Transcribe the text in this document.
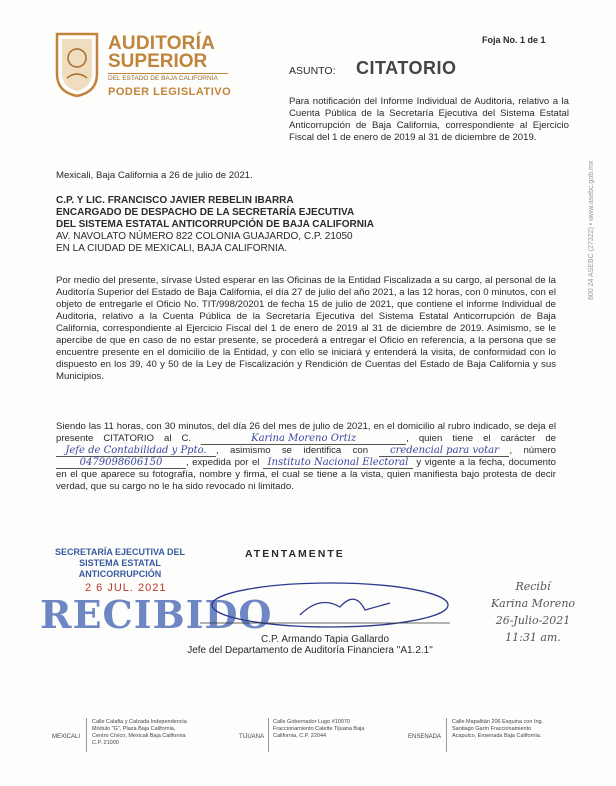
AUDITORÍA
SUPERIOR
DEL ESTADO DE BAJA CALIFORNIA
PODER LEGISLATIVO
Foja No. 1 de 1
ASUNTO: CITATORIO
Para notificación del Informe Individual de Auditoria, relativo a la Cuenta Pública de la Secretaría Ejecutiva del Sistema Estatal Anticorrupción de Baja California, correspondiente al Ejercicio Fiscal del 1 de enero de 2019 al 31 de diciembre de 2019.
Mexicali, Baja California a 26 de julio de 2021.
C.P. Y LIC. FRANCISCO JAVIER REBELIN IBARRA
ENCARGADO DE DESPACHO DE LA SECRETARÍA EJECUTIVA
DEL SISTEMA ESTATAL ANTICORRUPCIÓN DE BAJA CALIFORNIA
AV. NAVOLATO NÚMERO 822 COLONIA GUAJARDO, C.P. 21050
EN LA CIUDAD DE MEXICALI, BAJA CALIFORNIA.
Por medio del presente, sírvase Usted esperar en las Oficinas de la Entidad Fiscalizada a su cargo, al personal de la Auditoría Superior del Estado de Baja California, el día 27 de julio del año 2021, a las 12 horas, con 0 minutos, con el objeto de entregarle el Oficio No. TIT/998/20201 de fecha 15 de julio de 2021, que contiene el informe Individual de Auditoria, relativo a la Cuenta Pública de la Secretaría Ejecutiva del Sistema Estatal Anticorrupción de Baja California, correspondiente al Ejercicio Fiscal del 1 de enero de 2019 al 31 de diciembre de 2019. Asimismo, se le apercibe de que en caso de no estar presente, se procederá a entregar el Oficio en referencia, a la persona que se encuentre presente en el domicilio de la Entidad, y con ello se iniciará y entenderá la visita, de conformidad con lo dispuesto en los 39, 40 y 50 de la Ley de Fiscalización y Rendición de Cuentas del Estado de Baja California y sus Municipios.
Siendo las 11 horas, con 30 minutos, del día 26 del mes de julio de 2021, en el domicilio al rubro indicado, se deja el presente CITATORIO al C.	Karina Moreno Ortiz	, quien tiene el carácter de Jefe de Contabilidad y Ppto. , asimismo se identifica con credencial para votar , número 0479098606150 , expedida por el Instituto Nacional Electoral y vigente a la fecha, documento en el que aparece su fotografía, nombre y firma, el cual se tiene a la vista, quien manifiesta bajo protesta de decir verdad, que su cargo no le ha sido revocado ni limitado.
800 24 ASEBC (27322) • www.asebc.gob.mx
ATENTAMENTE
SECRETARÍA EJECUTIVA DEL SISTEMA ESTATAL ANTICORRUPCIÓN
2 6 JUL. 2021
RECIBIDO
C.P. Armando Tapia Gallardo
Jefe del Departamento de Auditoría Financiera "A1.2.1"
Recibí
Karina Moreno
26-Julio-2021
11:31 am.
MEXICALI
Calle Calafia y Calzada Independencia Módulo "G", Plaza Baja California, Centro Cívico, Mexicali Baja California C.P. 21000
TIJUANA
Calle Gobernador Lugo #10070 Fraccionamiento Calette Tijuana Baja California, C.P. 22044	ENSENADA
Calle Mapalitán 206 Esquina con Ing. Santiago Garín Fraccionamiento Acapulco, Ensenada Baja California.
